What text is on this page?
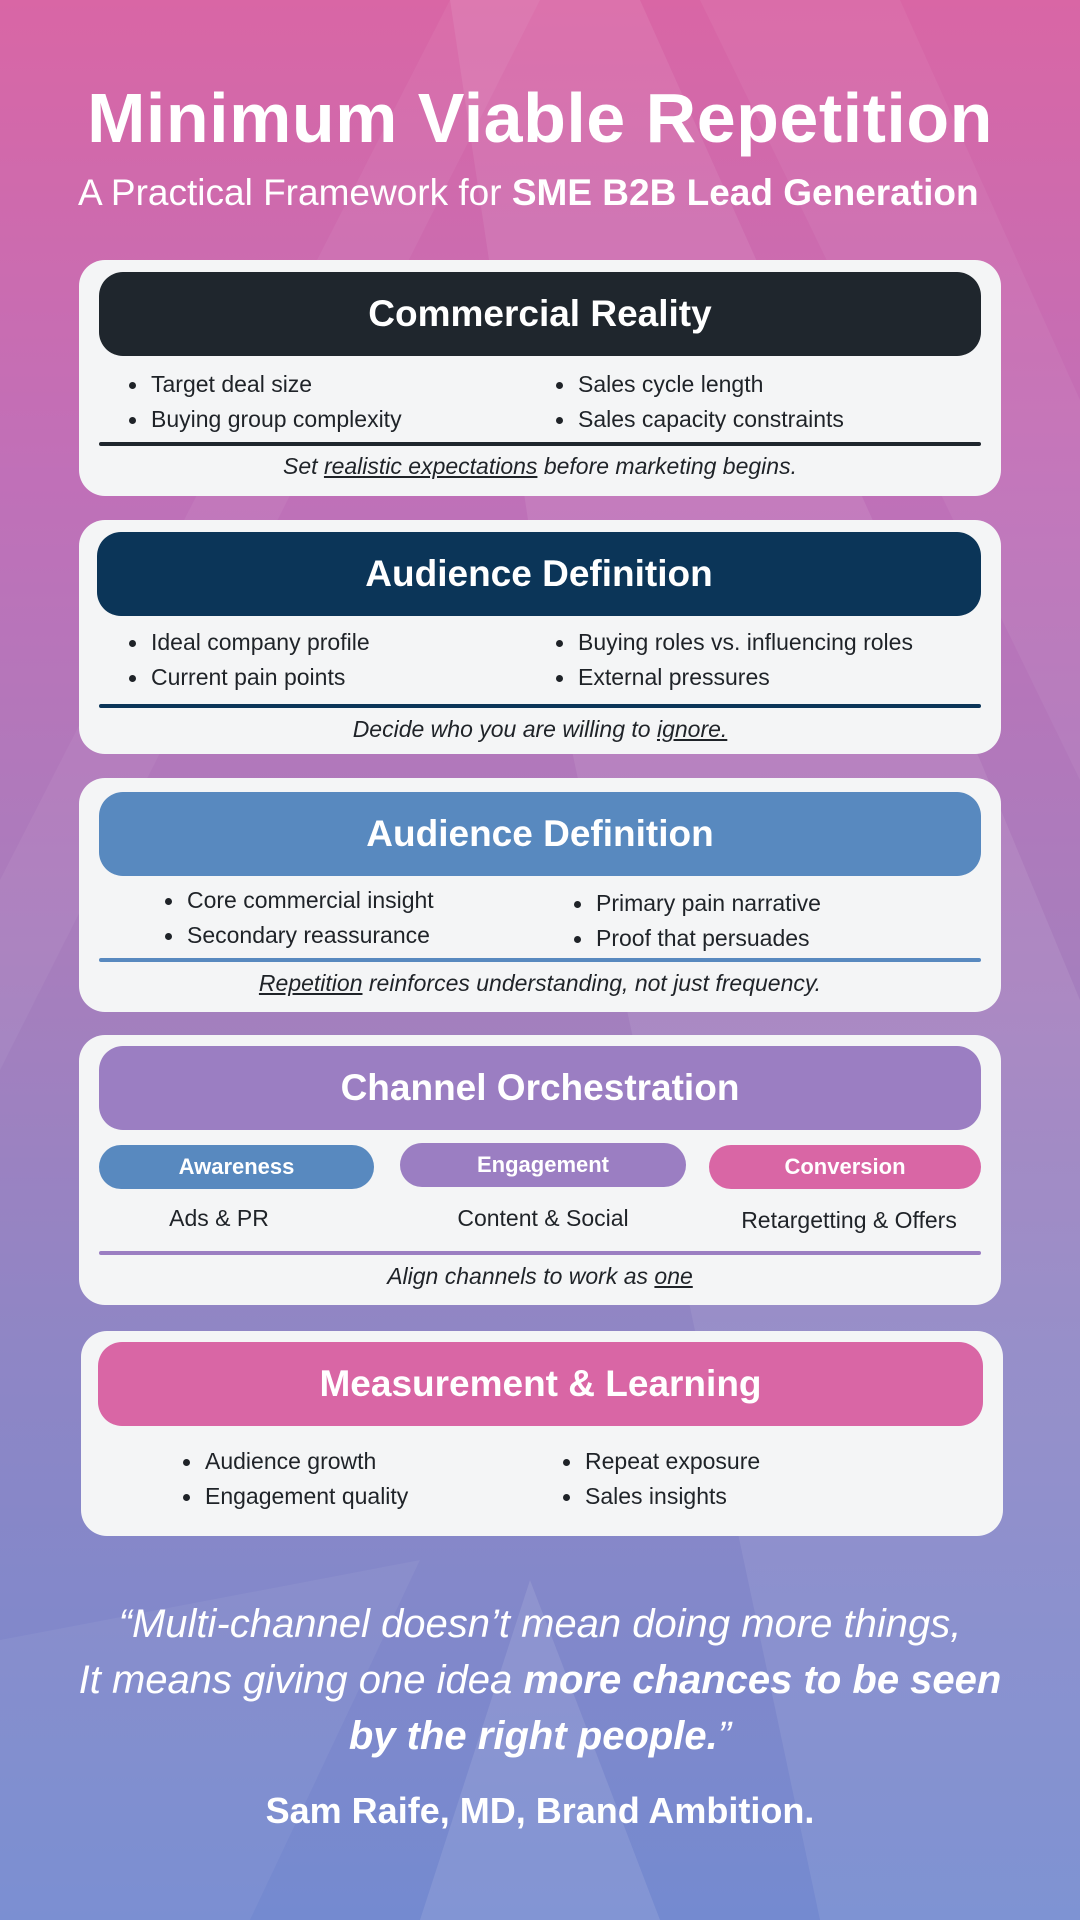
Minimum Viable Repetition

A Practical Framework for SME B2B Lead Generation

Commercial Reality
Target deal size	Sales cycle length
Buying group complexity	Sales capacity constraints

Set realistic expectations before marketing begins.

Audience Definition
Ideal company profile	Buying roles vs. influencing roles
Current pain points	External pressures

Decide who you are willing to ignore.

Audience Definition
Core commercial insight	Primary pain narrative
Secondary reassurance	Proof that persuades

Repetition reinforces understanding, not just frequency.

Channel Orchestration
Awareness	Engagement	Conversion
Ads & PR	Content & Social	Retargetting & Offers

Align channels to work as one

Measurement & Learning
Audience growth	Repeat exposure
Engagement quality	Sales insights

“Multi-channel doesn’t mean doing more things,
It means giving one idea more chances to be seen by the right people.”

Sam Raife, MD, Brand Ambition.
